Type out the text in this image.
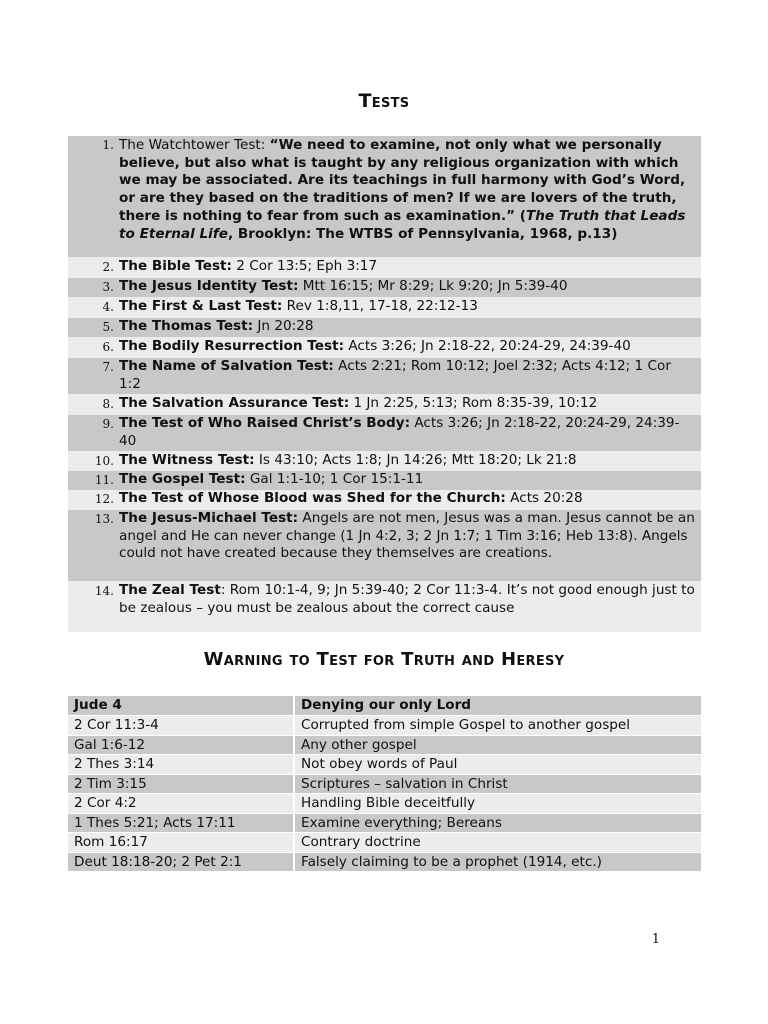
Tests
1. The Watchtower Test: “We need to examine, not only what we personally believe, but also what is taught by any religious organization with which we may be associated. Are its teachings in full harmony with God’s Word, or are they based on the traditions of men? If we are lovers of the truth, there is nothing to fear from such as examination.” (The Truth that Leads to Eternal Life, Brooklyn: The WTBS of Pennsylvania, 1968, p.13)
2. The Bible Test: 2 Cor 13:5; Eph 3:17
3. The Jesus Identity Test: Mtt 16:15; Mr 8:29; Lk 9:20; Jn 5:39-40
4. The First & Last Test: Rev 1:8,11, 17-18, 22:12-13
5. The Thomas Test: Jn 20:28
6. The Bodily Resurrection Test: Acts 3:26; Jn 2:18-22, 20:24-29, 24:39-40
7. The Name of Salvation Test: Acts 2:21; Rom 10:12; Joel 2:32; Acts 4:12; 1 Cor 1:2
8. The Salvation Assurance Test: 1 Jn 2:25, 5:13; Rom 8:35-39, 10:12
9. The Test of Who Raised Christ’s Body: Acts 3:26; Jn 2:18-22, 20:24-29, 24:39-40
10. The Witness Test: Is 43:10; Acts 1:8; Jn 14:26; Mtt 18:20; Lk 21:8
11. The Gospel Test: Gal 1:1-10; 1 Cor 15:1-11
12. The Test of Whose Blood was Shed for the Church: Acts 20:28
13. The Jesus-Michael Test: Angels are not men, Jesus was a man. Jesus cannot be an angel and He can never change (1 Jn 4:2, 3; 2 Jn 1:7; 1 Tim 3:16; Heb 13:8). Angels could not have created because they themselves are creations.
14. The Zeal Test: Rom 10:1-4, 9; Jn 5:39-40; 2 Cor 11:3-4. It’s not good enough just to be zealous – you must be zealous about the correct cause
Warning to Test for Truth and Heresy
Jude 4	Denying our only Lord
2 Cor 11:3-4	Corrupted from simple Gospel to another gospel
Gal 1:6-12	Any other gospel
2 Thes 3:14	Not obey words of Paul
2 Tim 3:15	Scriptures – salvation in Christ
2 Cor 4:2	Handling Bible deceitfully
1 Thes 5:21; Acts 17:11	Examine everything; Bereans
Rom 16:17	Contrary doctrine
Deut 18:18-20; 2 Pet 2:1	Falsely claiming to be a prophet (1914, etc.)
1
